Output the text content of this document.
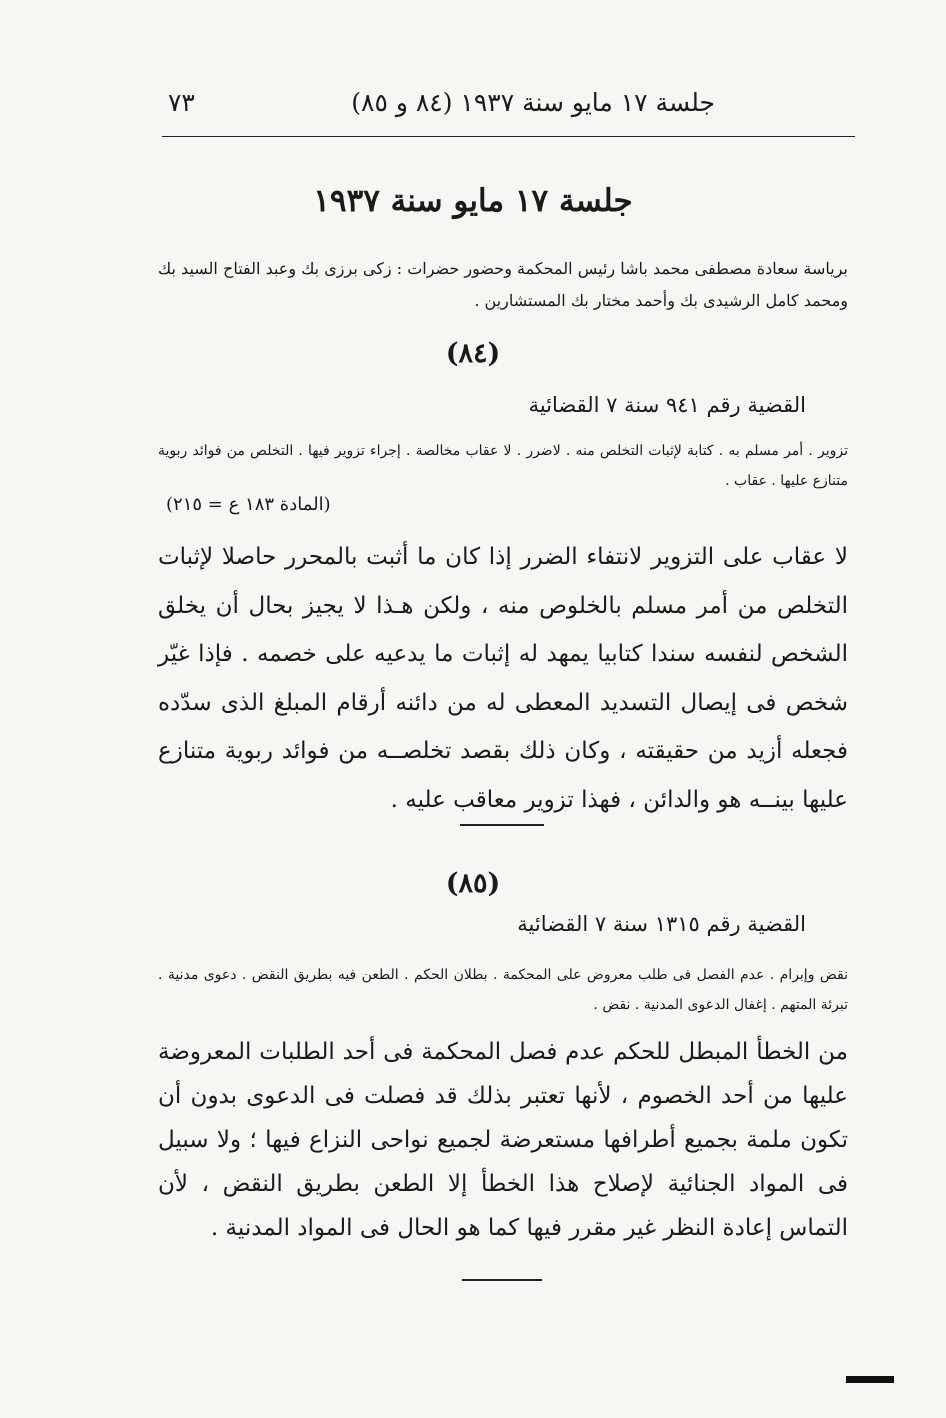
جلسة ١٧ مايو سنة ١٩٣٧ (٨٤ و ٨٥)
٧٣
جلسة ١٧ مايو سنة ١٩٣٧
برياسة سعادة مصطفى محمد باشا رئيس المحكمة وحضور حضرات : زكى برزى بك وعبد الفتاح السيد بك ومحمد كامل الرشيدى بك وأحمد مختار بك المستشارين .
(٨٤)
القضية رقم ٩٤١ سنة ٧ القضائية
تزوير . أمر مسلم به . كتابة لإثبات التخلص منه . لاضرر . لا عقاب مخالصة . إجراء تزوير فيها . التخلص من فوائد ربوية متنازع عليها . عقاب .
(المادة ١٨٣ ع = ٢١٥)
لا عقاب على التزوير لانتفاء الضرر إذا كان ما أثبت بالمحرر حاصلا لإثبات التخلص من أمر مسلم بالخلوص منه ، ولكن هـذا لا يجيز بحال أن يخلق الشخص لنفسه سندا كتابيا يمهد له إثبات ما يدعيه على خصمه . فإذا غيّر شخص فى إيصال التسديد المعطى له من دائنه أرقام المبلغ الذى سدّده فجعله أزيد من حقيقته ، وكان ذلك بقصد تخلصــه من فوائد ربوية متنازع عليها بينــه هو والدائن ، فهذا تزوير معاقب عليه .
(٨٥)
القضية رقم ١٣١٥ سنة ٧ القضائية
نقض وإبرام . عدم الفصل فى طلب معروض على المحكمة . بطلان الحكم . الطعن فيه بطريق النقض . دعوى مدنية . تبرئة المتهم . إغفال الدعوى المدنية . نقض .
من الخطأ المبطل للحكم عدم فصل المحكمة فى أحد الطلبات المعروضة عليها من أحد الخصوم ، لأنها تعتبر بذلك قد فصلت فى الدعوى بدون أن تكون ملمة بجميع أطرافها مستعرضة لجميع نواحى النزاع فيها ؛ ولا سبيل فى المواد الجنائية لإصلاح هذا الخطأ إلا الطعن بطريق النقض ، لأن التماس إعادة النظر غير مقرر فيها كما هو الحال فى المواد المدنية .
